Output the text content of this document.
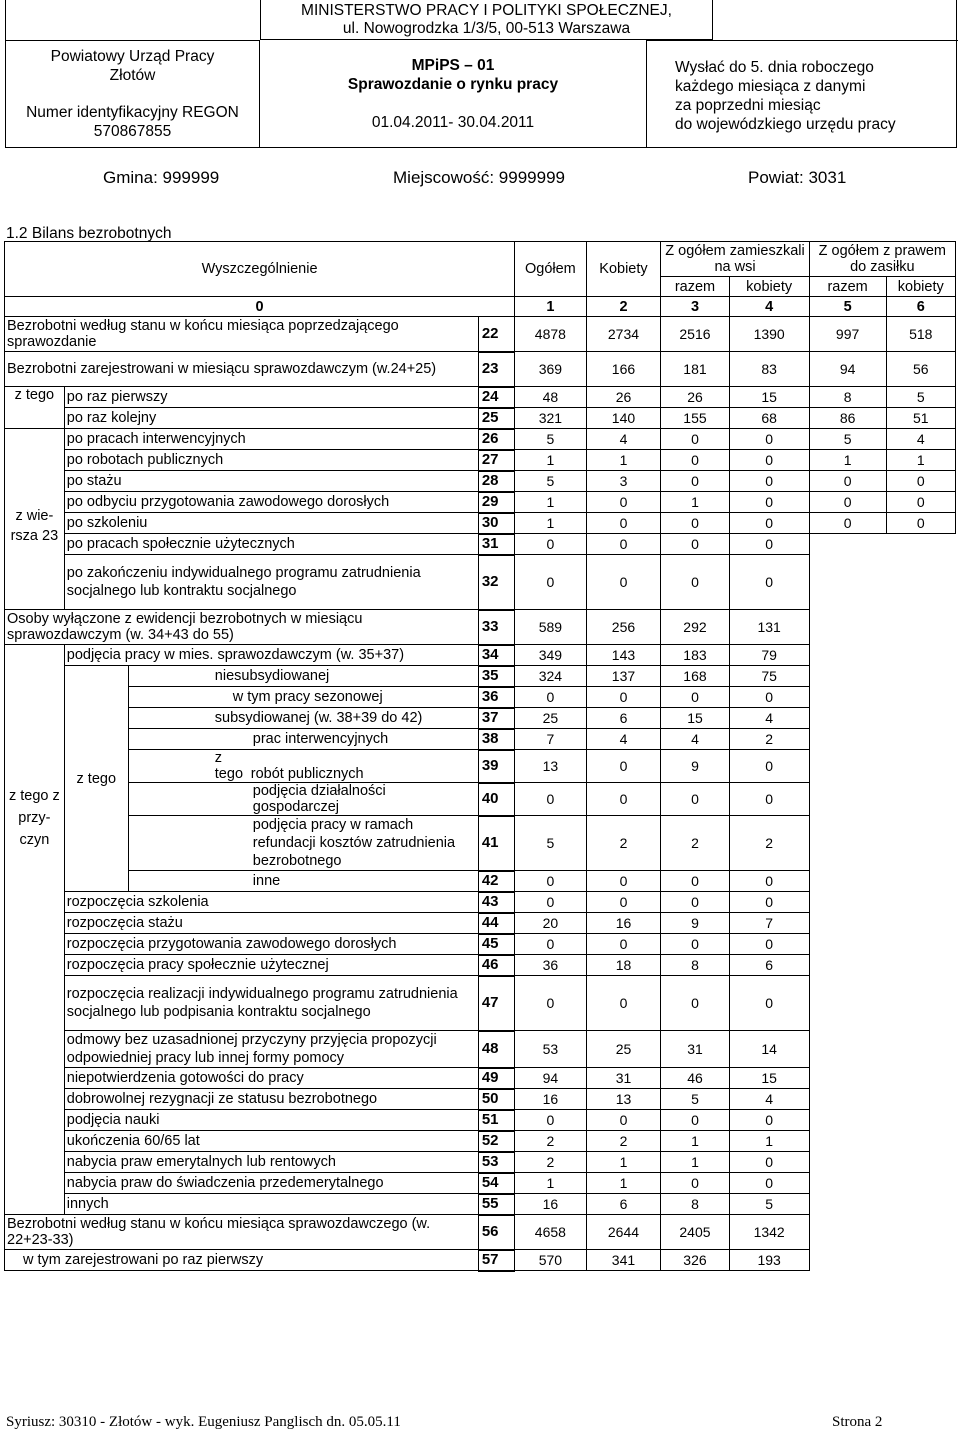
MINISTERSTWO PRACY I POLITYKI SPOŁECZNEJ,
ul. Nowogrodzka 1/3/5, 00-513 Warszawa
Powiatowy Urząd Pracy
Złotów
Numer identyfikacyjny REGON
570867855
MPiPS – 01
Sprawozdanie o rynku pracy
01.04.2011- 30.04.2011
Wysłać do 5. dnia roboczego
każdego miesiąca z danymi
za poprzedni miesiąc
do wojewódzkiego urzędu pracy
Gmina: 999999	Miejscowość: 9999999	Powiat: 3031
1.2 Bilans bezrobotnych
Wyszczególnienie				Ogółem	Kobiety	Z ogółem zamieszkali na wsi		Z ogółem z prawem do zasiłku	
						razem	kobiety	razem	kobiety
0				1	2	3	4	5	6
Bezrobotni według stanu w końcu miesiąca poprzedzającego sprawozdanie			22	4878	2734	2516	1390	997	518
Bezrobotni zarejestrowani w miesiącu sprawozdawczym (w.24+25)			23	369	166	181	83	94	56
z tego	po raz pierwszy		24	48	26	26	15	8	5
	po raz kolejny		25	321	140	155	68	86	51
z wie- rsza 23	po pracach interwencyjnych		26	5	4	0	0	5	4
	po robotach publicznych		27	1	1	0	0	1	1
	po stażu		28	5	3	0	0	0	0
	po odbyciu przygotowania zawodowego dorosłych		29	1	0	1	0	0	0
	po szkoleniu		30	1	0	0	0	0	0
	po pracach społecznie użytecznych		31	0	0	0	0		
	po zakończeniu indywidualnego programu zatrudnienia socjalnego lub kontraktu socjalnego		32	0	0	0	0		
Osoby wyłączone z ewidencji bezrobotnych w miesiącu sprawozdawczym (w. 34+43 do 55)			33	589	256	292	131		
z tego z przy- czyn	podjęcia pracy w mies. sprawozdawczym (w. 35+37)		34	349	143	183	79		
	z tego	niesubsydiowanej	35	324	137	168	75		
		w tym pracy sezonowej	36	0	0	0	0		
		subsydiowanej (w. 38+39 do 42)	37	25	6	15	4		
		prac interwencyjnych	38	7	4	4	2		
		z tego robót publicznych	39	13	0	9	0		
		podjęcia działalności gospodarczej	40	0	0	0	0		
		podjęcia pracy w ramach refundacji kosztów zatrudnienia bezrobotnego	41	5	2	2	2		
		inne	42	0	0	0	0		
	rozpoczęcia szkolenia		43	0	0	0	0		
	rozpoczęcia stażu		44	20	16	9	7		
	rozpoczęcia przygotowania zawodowego dorosłych		45	0	0	0	0		
	rozpoczęcia pracy społecznie użytecznej		46	36	18	8	6		
	rozpoczęcia realizacji indywidualnego programu zatrudnienia socjalnego lub podpisania kontraktu socjalnego		47	0	0	0	0		
	odmowy bez uzasadnionej przyczyny przyjęcia propozycji odpowiedniej pracy lub innej formy pomocy		48	53	25	31	14		
	niepotwierdzenia gotowości do pracy		49	94	31	46	15		
	dobrowolnej rezygnacji ze statusu bezrobotnego		50	16	13	5	4		
	podjęcia nauki		51	0	0	0	0		
	ukończenia 60/65 lat		52	2	2	1	1		
	nabycia praw emerytalnych lub rentowych		53	2	1	1	0		
	nabycia praw do świadczenia przedemerytalnego		54	1	1	0	0		
	innych		55	16	6	8	5		
Bezrobotni według stanu w końcu miesiąca sprawozdawczego (w. 22+23-33)			56	4658	2644	2405	1342		
w tym zarejestrowani po raz pierwszy			57	570	341	326	193		
Syriusz: 30310 - Złotów - wyk. Eugeniusz Panglisch dn. 05.05.11	Strona 2
